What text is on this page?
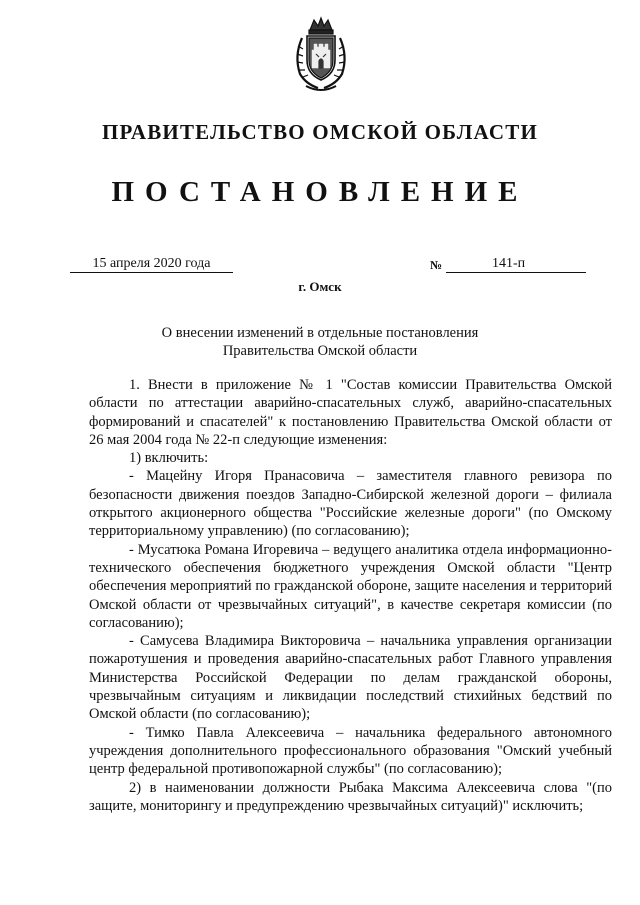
ПРАВИТЕЛЬСТВО ОМСКОЙ ОБЛАСТИ
ПОСТАНОВЛЕНИЕ
15 апреля 2020 года	№	141-п
г. Омск
О внесении изменений в отдельные постановления
Правительства Омской области

1. Внести в приложение № 1 "Состав комиссии Правительства Омской области по аттестации аварийно-спасательных служб, аварийно-спасательных формирований и спасателей" к постановлению Правительства Омской области от 26 мая 2004 года № 22-п следующие изменения:

1) включить:

- Мацейну Игоря Пранасовича – заместителя главного ревизора по безопасности движения поездов Западно-Сибирской железной дороги – филиала открытого акционерного общества "Российские железные дороги" (по Омскому территориальному управлению) (по согласованию);

- Мусатюка Романа Игоревича – ведущего аналитика отдела информационно-технического обеспечения бюджетного учреждения Омской области "Центр обеспечения мероприятий по гражданской обороне, защите населения и территорий Омской области от чрезвычайных ситуаций", в качестве секретаря комиссии (по согласованию);

- Самусева Владимира Викторовича – начальника управления организации пожаротушения и проведения аварийно-спасательных работ Главного управления Министерства Российской Федерации по делам гражданской обороны, чрезвычайным ситуациям и ликвидации последствий стихийных бедствий по Омской области (по согласованию);

- Тимко Павла Алексеевича – начальника федерального автономного учреждения дополнительного профессионального образования "Омский учебный центр федеральной противопожарной службы" (по согласованию);

2) в наименовании должности Рыбака Максима Алексеевича слова "(по защите, мониторингу и предупреждению чрезвычайных ситуаций)" исключить;
